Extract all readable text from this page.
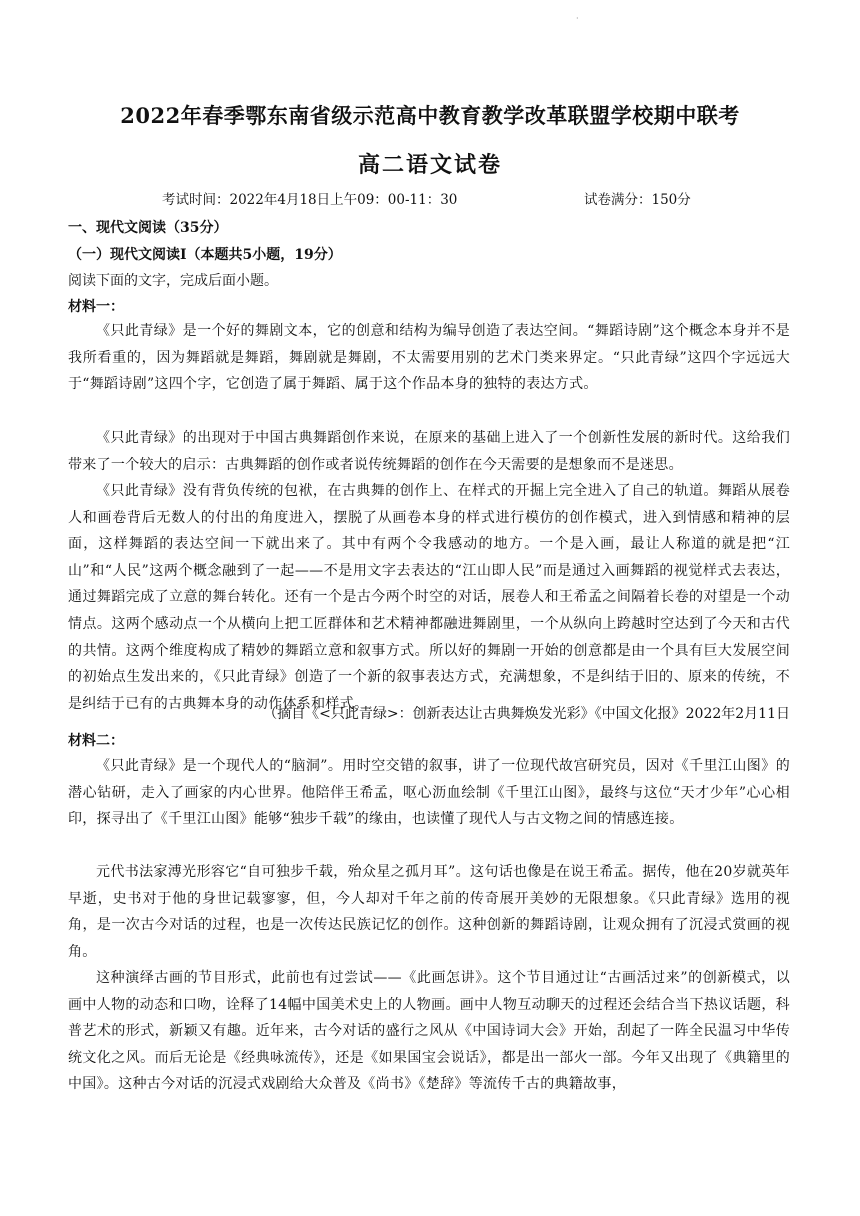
·
2022年春季鄂东南省级示范高中教育教学改革联盟学校期中联考
高二语文试卷
考试时间：2022年4月18日上午09：00-11：30	试卷满分：150分
一、现代文阅读（35分）
（一）现代文阅读I（本题共5小题，19分）
阅读下面的文字，完成后面小题。
材料一：

《只此青绿》是一个好的舞剧文本，它的创意和结构为编导创造了表达空间。“舞蹈诗剧”这个概念本身并不是我所看重的，因为舞蹈就是舞蹈，舞剧就是舞剧，不太需要用别的艺术门类来界定。“只此青绿”这四个字远远大于“舞蹈诗剧”这四个字，它创造了属于舞蹈、属于这个作品本身的独特的表达方式。

《只此青绿》的出现对于中国古典舞蹈创作来说，在原来的基础上进入了一个创新性发展的新时代。这给我们带来了一个较大的启示：古典舞蹈的创作或者说传统舞蹈的创作在今天需要的是想象而不是迷思。

《只此青绿》没有背负传统的包袱，在古典舞的创作上、在样式的开掘上完全进入了自己的轨道。舞蹈从展卷人和画卷背后无数人的付出的角度进入，摆脱了从画卷本身的样式进行模仿的创作模式，进入到情感和精神的层面，这样舞蹈的表达空间一下就出来了。其中有两个令我感动的地方。一个是入画，最让人称道的就是把“江山”和“人民”这两个概念融到了一起——不是用文字去表达的“江山即人民”而是通过入画舞蹈的视觉样式去表达，通过舞蹈完成了立意的舞台转化。还有一个是古今两个时空的对话，展卷人和王希孟之间隔着长卷的对望是一个动情点。这两个感动点一个从横向上把工匠群体和艺术精神都融进舞剧里，一个从纵向上跨越时空达到了今天和古代的共情。这两个维度构成了精妙的舞蹈立意和叙事方式。所以好的舞剧一开始的创意都是由一个具有巨大发展空间的初始点生发出来的，《只此青绿》创造了一个新的叙事表达方式，充满想象，不是纠结于旧的、原来的传统，不是纠结于已有的古典舞本身的动作体系和样式。

（摘自《<只此青绿>：创新表达让古典舞焕发光彩》《中国文化报》2022年2月11日
材料二：

《只此青绿》是一个现代人的“脑洞”。用时空交错的叙事，讲了一位现代故宫研究员，因对《千里江山图》的潜心钻研，走入了画家的内心世界。他陪伴王希孟，呕心沥血绘制《千里江山图》，最终与这位“天才少年”心心相印，探寻出了《千里江山图》能够“独步千载”的缘由，也读懂了现代人与古文物之间的情感连接。

元代书法家溥光形容它“自可独步千载，殆众星之孤月耳”。这句话也像是在说王希孟。据传，他在20岁就英年早逝，史书对于他的身世记载寥寥，但，今人却对千年之前的传奇展开美妙的无限想象。《只此青绿》选用的视角，是一次古今对话的过程，也是一次传达民族记忆的创作。这种创新的舞蹈诗剧，让观众拥有了沉浸式赏画的视角。

这种演绎古画的节目形式，此前也有过尝试——《此画怎讲》。这个节目通过让“古画活过来”的创新模式，以画中人物的动态和口吻，诠释了14幅中国美术史上的人物画。画中人物互动聊天的过程还会结合当下热议话题，科普艺术的形式，新颖又有趣。近年来，古今对话的盛行之风从《中国诗词大会》开始，刮起了一阵全民温习中华传统文化之风。而后无论是《经典咏流传》，还是《如果国宝会说话》，都是出一部火一部。今年又出现了《典籍里的中国》。这种古今对话的沉浸式戏剧给大众普及《尚书》《楚辞》等流传千古的典籍故事，
